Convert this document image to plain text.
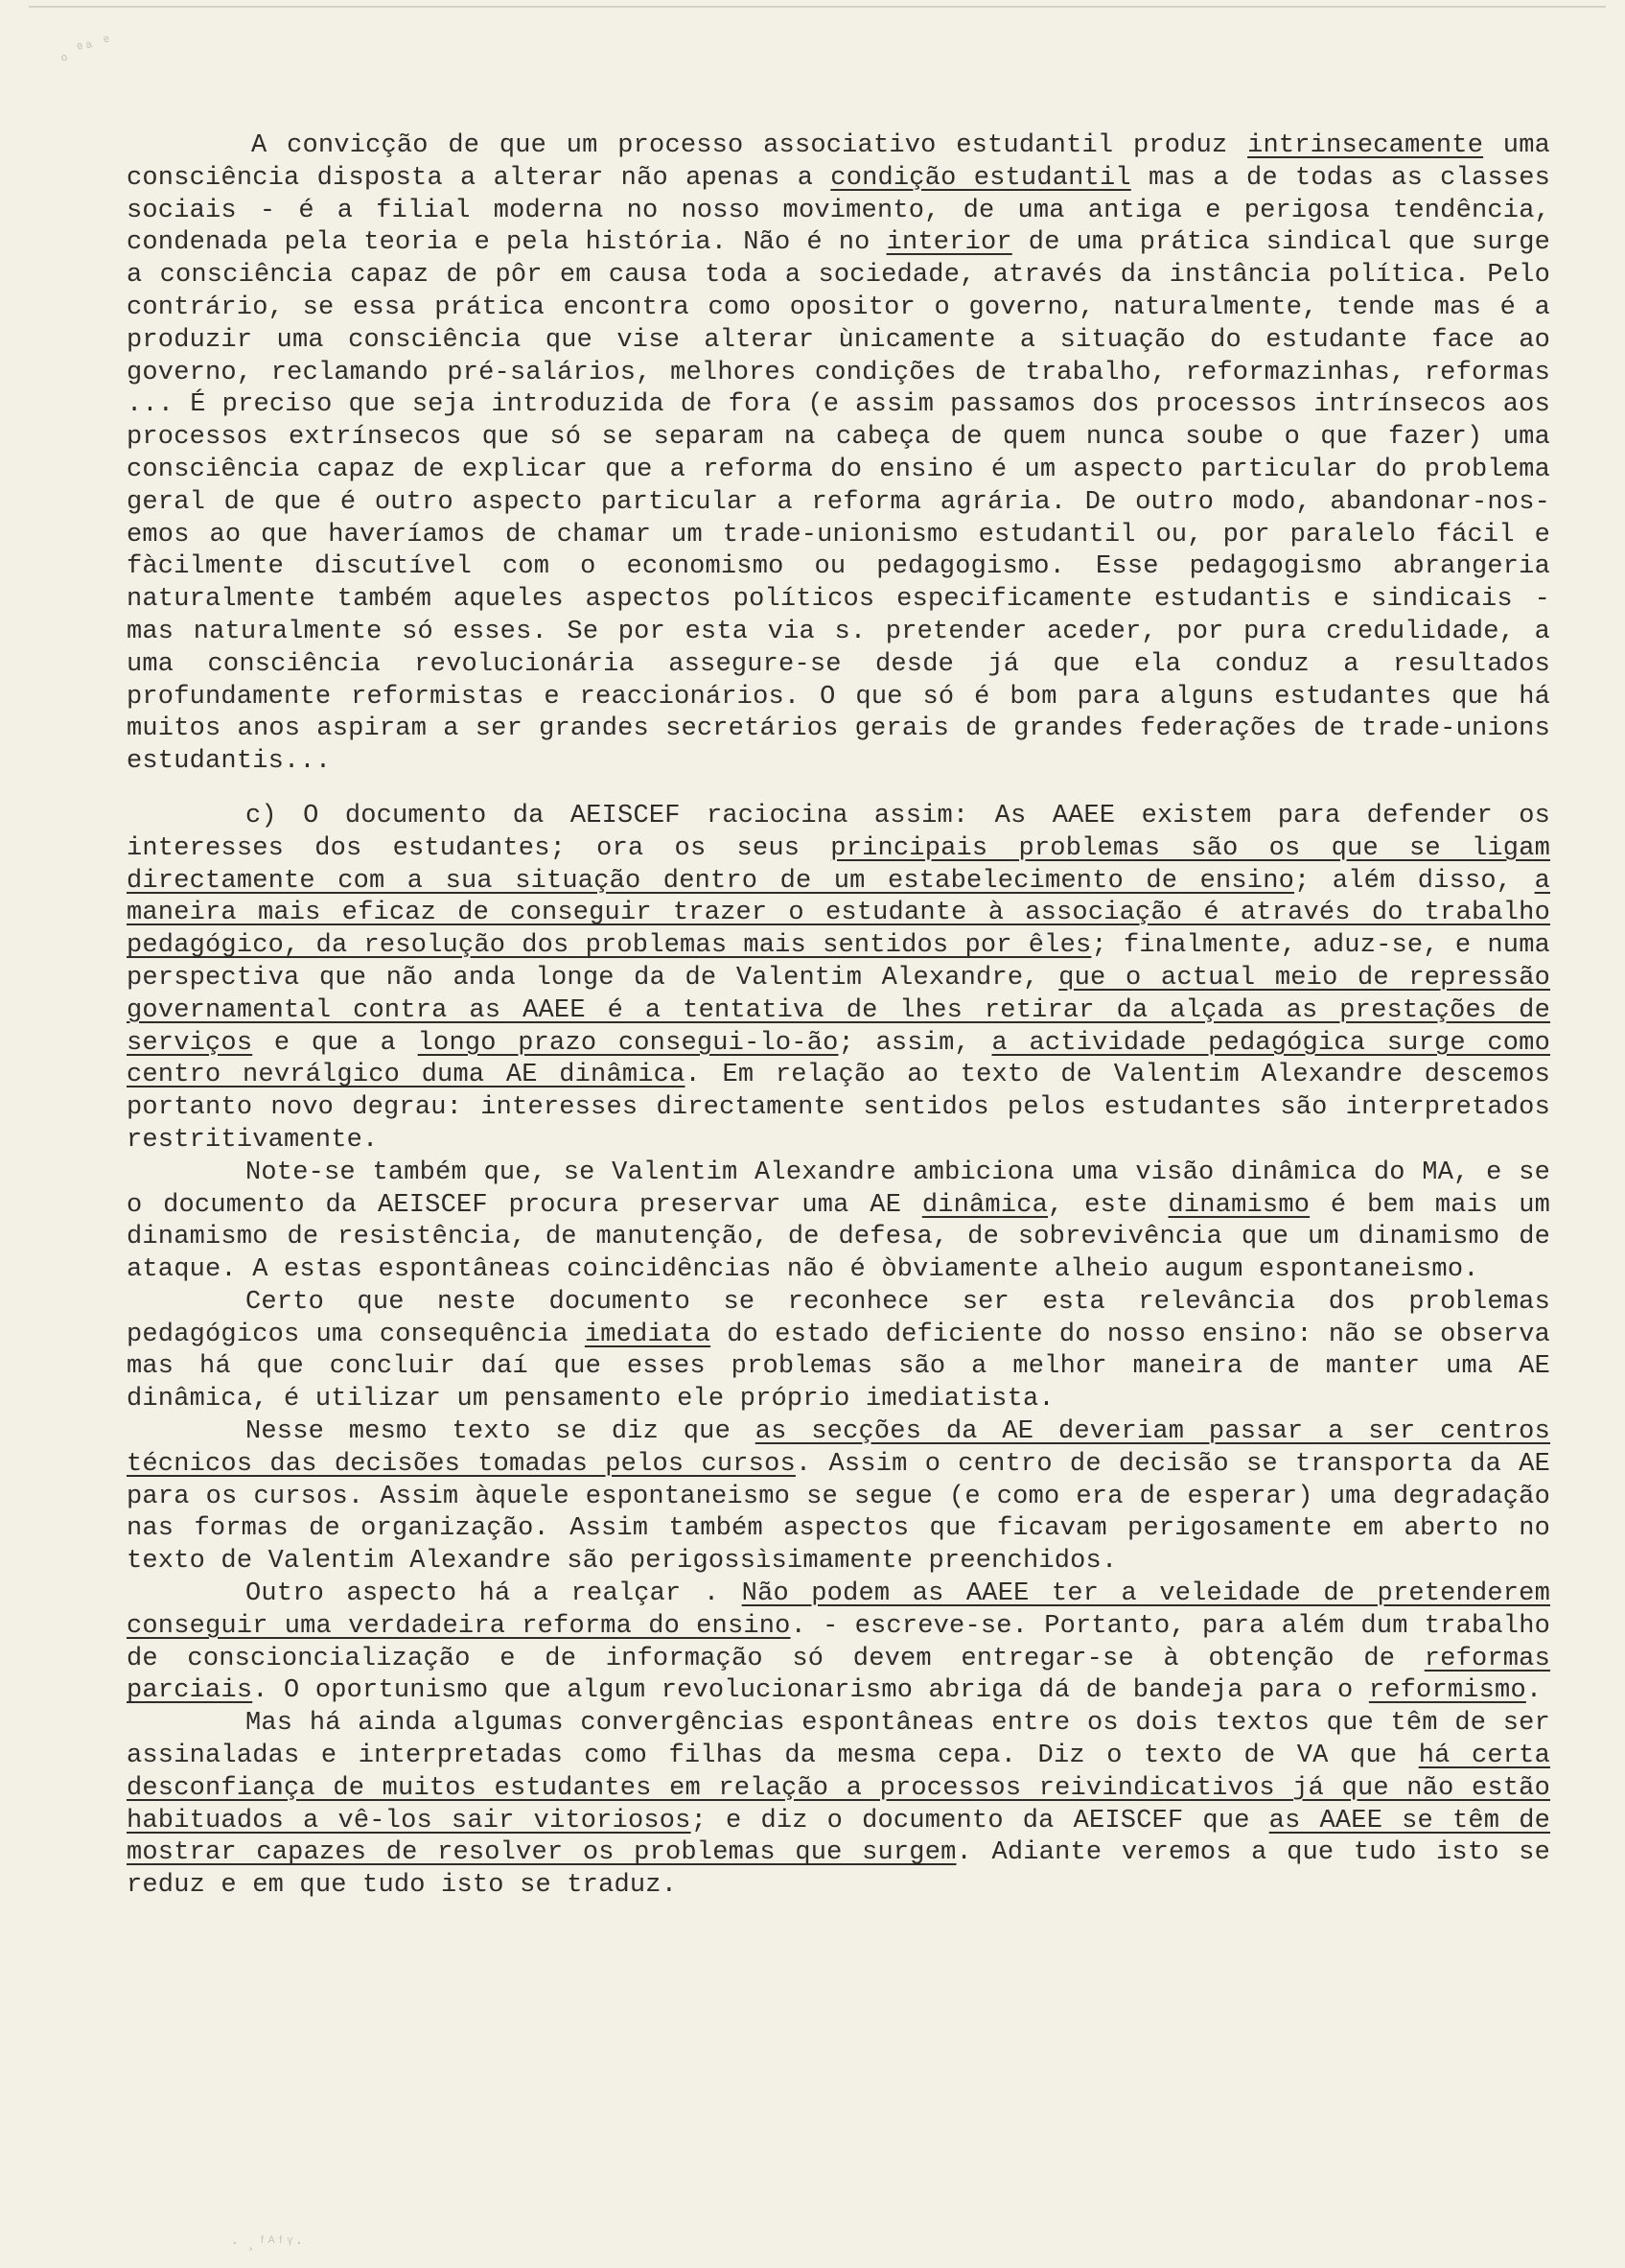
ₒ ⁰ᵃ ᵉ

A convicção de que um processo associativo estudantil produz intrinsecamente uma consciência disposta a alterar não apenas a condição estudantil mas a de todas as classes sociais - é a filial moderna no nosso movimento, de uma antiga e perigosa tendência, condenada pela teoria e pela história. Não é no interior de uma prática sindical que surge a consciência capaz de pôr em causa toda a sociedade, através da instância política. Pelo contrário, se essa prática encontra como opositor o governo, naturalmente, tende mas é a produzir uma consciência que vise alterar ùnicamente a situação do estudante face ao governo, reclamando pré-salários, melhores condições de trabalho, reformazinhas, reformas ... É preciso que seja introduzida de fora (e assim passamos dos processos intrínsecos aos processos extrínsecos que só se separam na cabeça de quem nunca soube o que fazer) uma consciência capaz de explicar que a reforma do ensino é um aspecto particular do problema geral de que é outro aspecto particular a reforma agrária. De outro modo, abandonar-nos-emos ao que haveríamos de chamar um trade-unionismo estudantil ou, por paralelo fácil e fàcilmente discutível com o economismo ou pedagogismo. Esse pedagogismo abrangeria naturalmente também aqueles aspectos políticos especificamente estudantis e sindicais - mas naturalmente só esses. Se por esta via s. pretender aceder, por pura credulidade, a uma consciência revolucionária assegure-se desde já que ela conduz a resultados profundamente reformistas e reaccionários. O que só é bom para alguns estudantes que há muitos anos aspiram a ser grandes secretários gerais de grandes federações de trade-unions estudantis...

c) O documento da AEISCEF raciocina assim: As AAEE existem para defender os interesses dos estudantes; ora os seus principais problemas são os que se ligam directamente com a sua situação dentro de um estabelecimento de ensino; além disso, a maneira mais eficaz de conseguir trazer o estudante à associação é através do trabalho pedagógico, da resolução dos problemas mais sentidos por êles; finalmente, aduz-se, e numa perspectiva que não anda longe da de Valentim Alexandre, que o actual meio de repressão governamental contra as AAEE é a tentativa de lhes retirar da alçada as prestações de serviços e que a longo prazo consegui-lo-ão; assim, a actividade pedagógica surge como centro nevrálgico duma AE dinâmica. Em relação ao texto de Valentim Alexandre descemos portanto novo degrau: interesses directamente sentidos pelos estudantes são interpretados restritivamente.

Note-se também que, se Valentim Alexandre ambiciona uma visão dinâmica do MA, e se o documento da AEISCEF procura preservar uma AE dinâmica, este dinamismo é bem mais um dinamismo de resistência, de manutenção, de defesa, de sobrevivência que um dinamismo de ataque. A estas espontâneas coincidências não é òbviamente alheio augum espontaneismo.

Certo que neste documento se reconhece ser esta relevância dos problemas pedagógicos uma consequência imediata do estado deficiente do nosso ensino: não se observa mas há que concluir daí que esses problemas são a melhor maneira de manter uma AE dinâmica, é utilizar um pensamento ele próprio imediatista.

Nesse mesmo texto se diz que as secções da AE deveriam passar a ser centros técnicos das decisões tomadas pelos cursos. Assim o centro de decisão se transporta da AE para os cursos. Assim àquele espontaneismo se segue (e como era de esperar) uma degradação nas formas de organização. Assim também aspectos que ficavam perigosamente em aberto no texto de Valentim Alexandre são perigossìsimamente preenchidos.

Outro aspecto há a realçar . Não podem as AAEE ter a veleidade de pretenderem conseguir uma verdadeira reforma do ensino. - escreve-se. Portanto, para além dum trabalho de conscioncialização e de informação só devem entregar-se à obtenção de reformas parciais. O oportunismo que algum revolucionarismo abriga dá de bandeja para o reformismo.

Mas há ainda algumas convergências espontâneas entre os dois textos que têm de ser assinaladas e interpretadas como filhas da mesma cepa. Diz o texto de VA que há certa desconfiança de muitos estudantes em relação a processos reivindicativos já que não estão habituados a vê-los sair vitoriosos; e diz o documento da AEISCEF que as AAEE se têm de mostrar capazes de resolver os problemas que surgem. Adiante veremos a que tudo isto se reduz e em que tudo isto se traduz.

· ¸ᶠᴬᶠᵞ·
